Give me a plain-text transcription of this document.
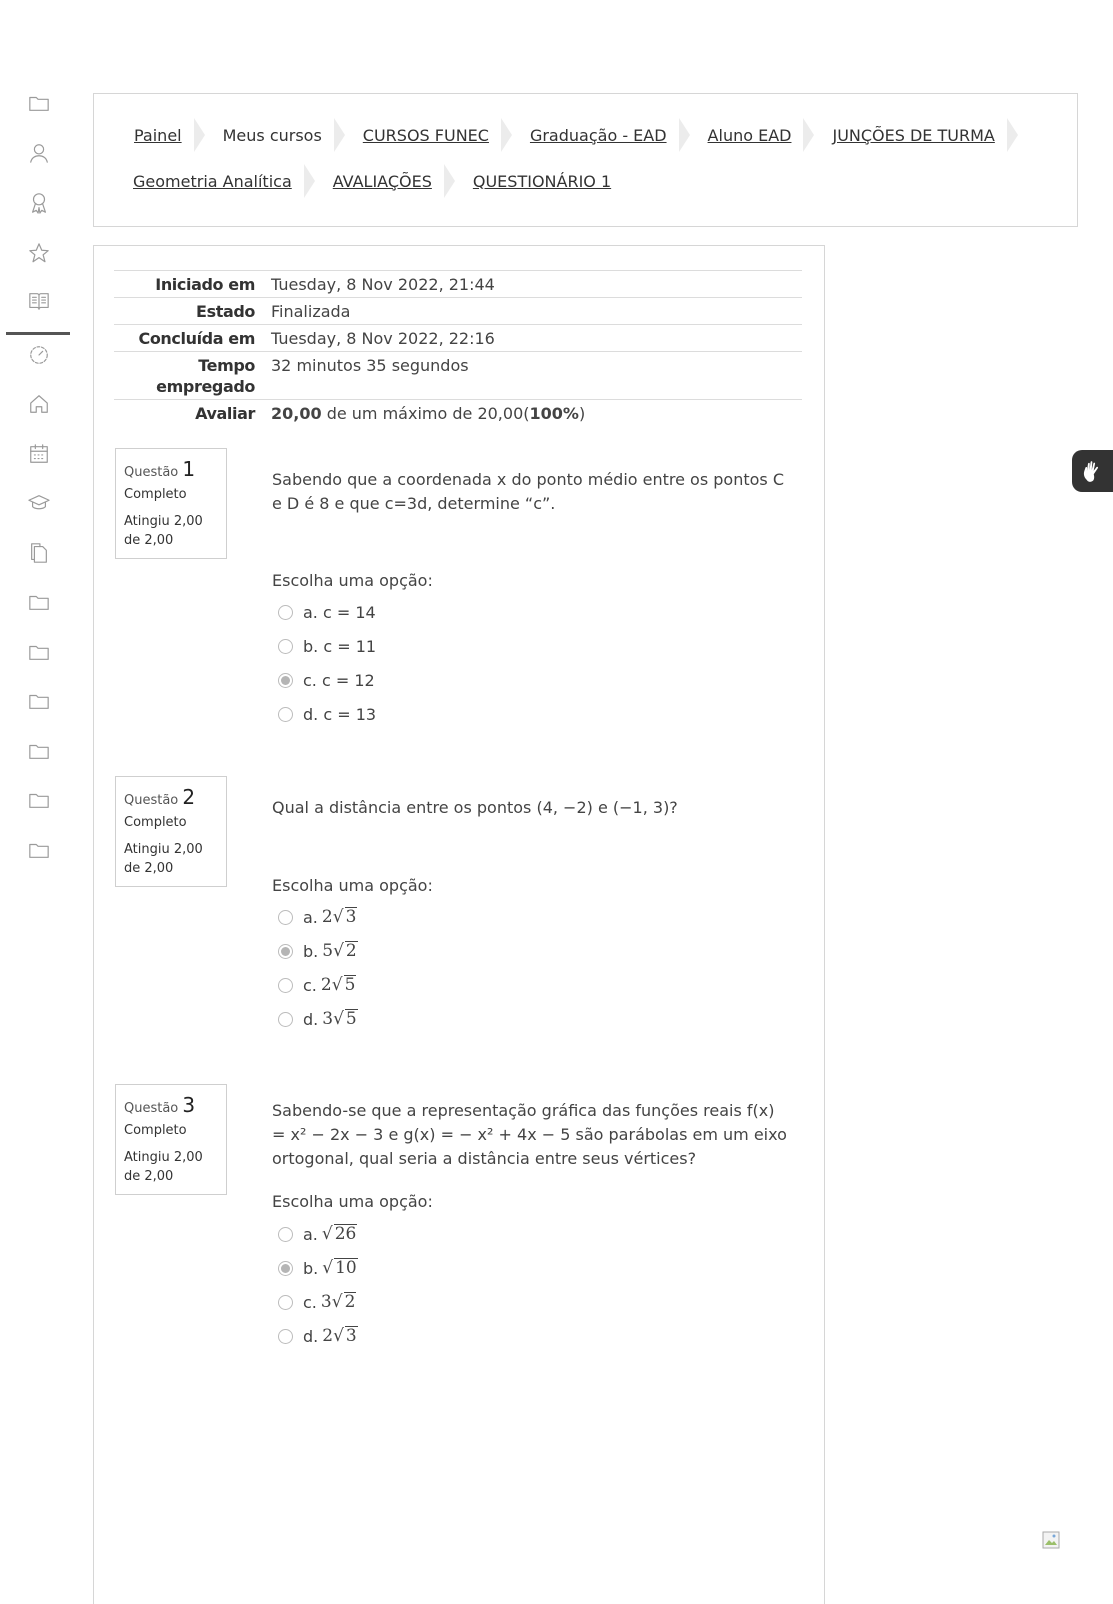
Painel	Meus cursos	CURSOS FUNEC	Graduação - EAD	Aluno EAD	JUNÇÕES DE TURMA
Geometria Analítica	AVALIAÇÕES	QUESTIONÁRIO 1
Iniciado em	Tuesday, 8 Nov 2022, 21:44
Estado	Finalizada
Concluída em	Tuesday, 8 Nov 2022, 22:16
Tempo empregado	32 minutos 35 segundos
Avaliar	20,00 de um máximo de 20,00(100%)
Questão 1
Completo
Atingiu 2,00 de 2,00
Sabendo que a coordenada x do ponto médio entre os pontos C e D é 8 e que c=3d, determine “c”.
Escolha uma opção:
a.
c = 14
b.
c = 11
c.
c = 12
d.
c = 13
Questão 2
Completo
Atingiu 2,00 de 2,00
Qual a distância entre os pontos (4, −2) e (−1, 3)?
Escolha uma opção:
a. 2√ 3
b. 5√ 2
c. 2√ 5
d. 3√ 5
Questão 3
Completo
Atingiu 2,00 de 2,00
Sabendo-se que a representação gráfica das funções reais f(x) = x² − 2x − 3 e g(x) = − x² + 4x − 5 são parábolas em um eixo ortogonal, qual seria a distância entre seus vértices?
Escolha uma opção:
a. √ 26
b. √ 10
c. 3√ 2
d. 2√ 3
